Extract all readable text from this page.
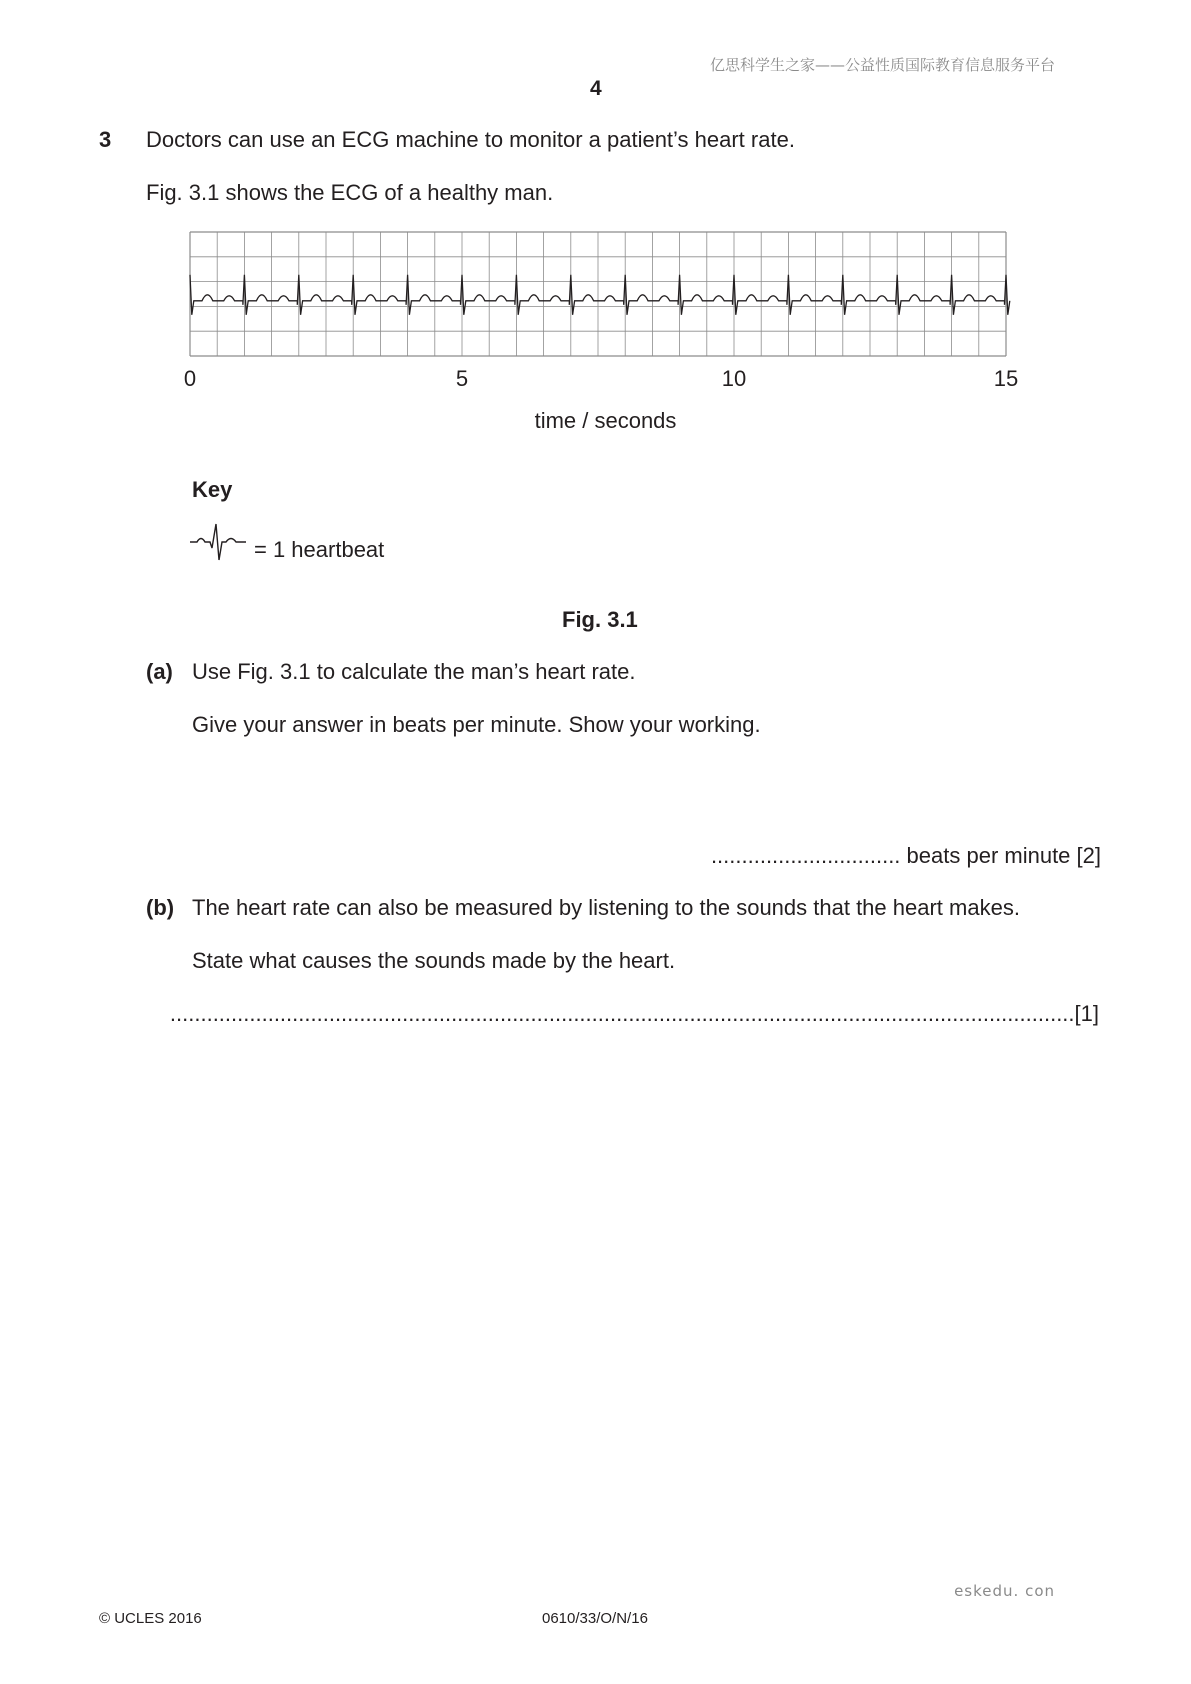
亿思科学生之家——公益性质国际教育信息服务平台
4
3 Doctors can use an ECG machine to monitor a patient’s heart rate.
Fig. 3.1 shows the ECG of a healthy man.
0	5	10	15
time / seconds
Key
= 1 heartbeat
Fig. 3.1
(a) Use Fig. 3.1 to calculate the man’s heart rate.
Give your answer in beats per minute. Show your working.
............................... beats per minute [2]
(b) The heart rate can also be measured by listening to the sounds that the heart makes.
State what causes the sounds made by the heart.
....................................................................................................................................................[1]

eskedu. con
© UCLES 2016	0610/33/O/N/16
